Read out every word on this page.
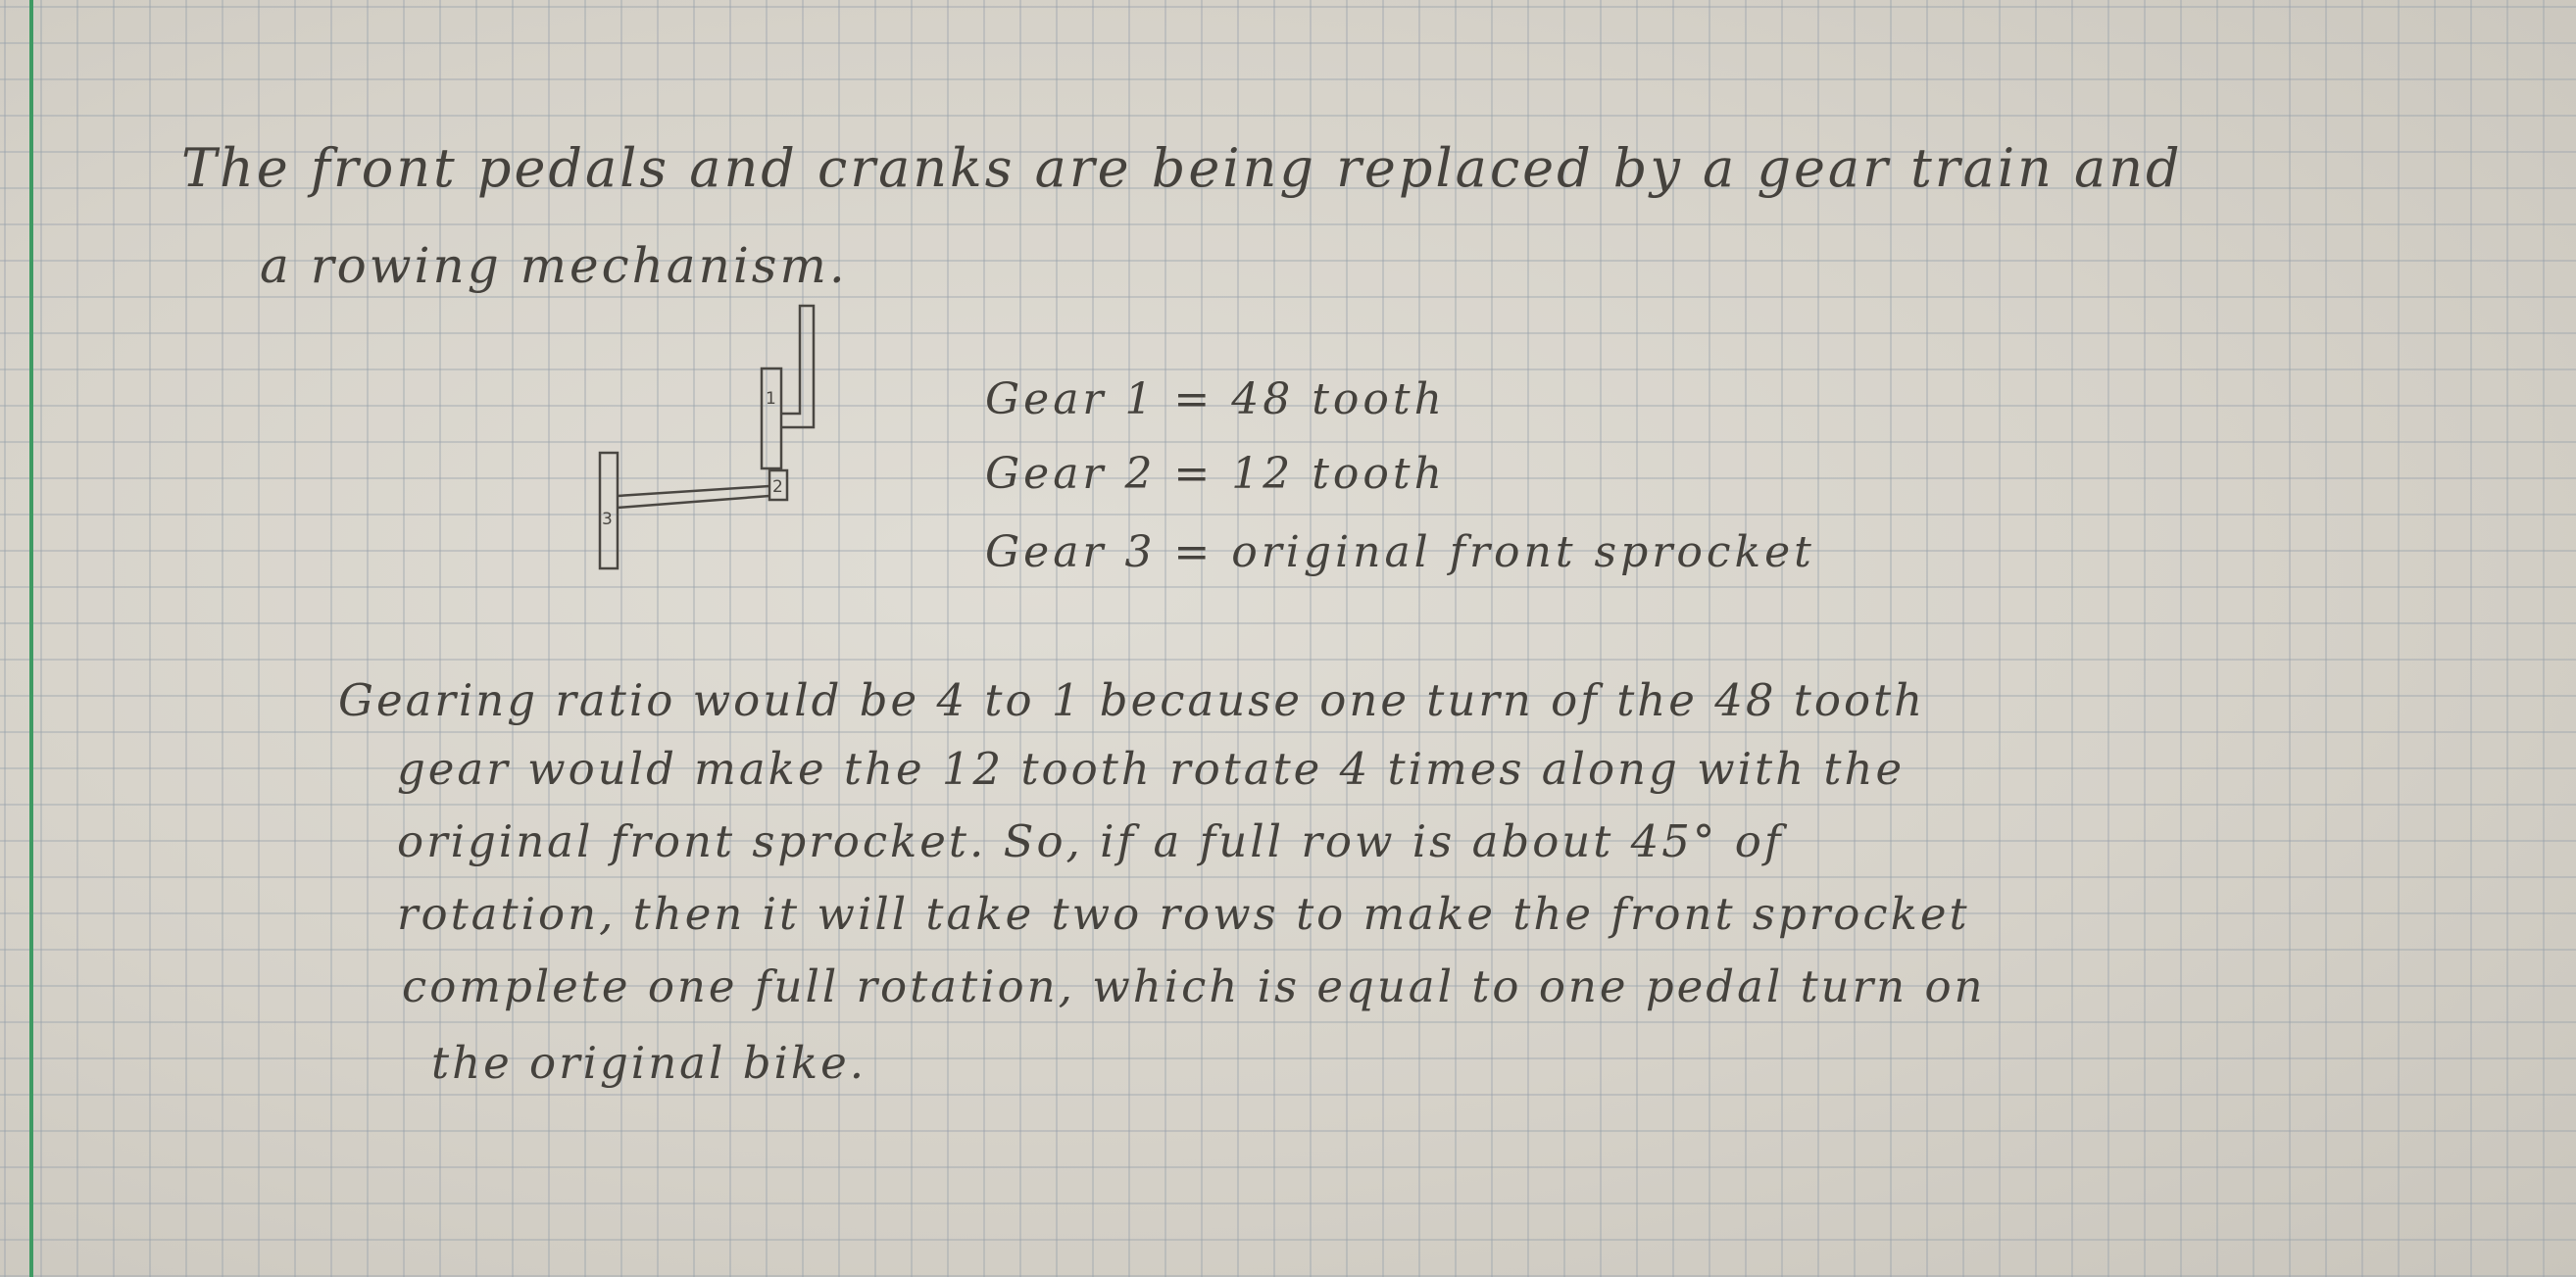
The front pedals and cranks are being replaced by a gear train and
a rowing mechanism.
1
2
3
Gear 1 = 48 tooth
Gear 2 = 12 tooth
Gear 3 = original front sprocket
Gearing ratio would be 4 to 1 because one turn of the 48 tooth
gear would make the 12 tooth rotate 4 times along with the
original front sprocket. So, if a full row is about 45° of
rotation, then it will take two rows to make the front sprocket
complete one full rotation, which is equal to one pedal turn on
the original bike.
